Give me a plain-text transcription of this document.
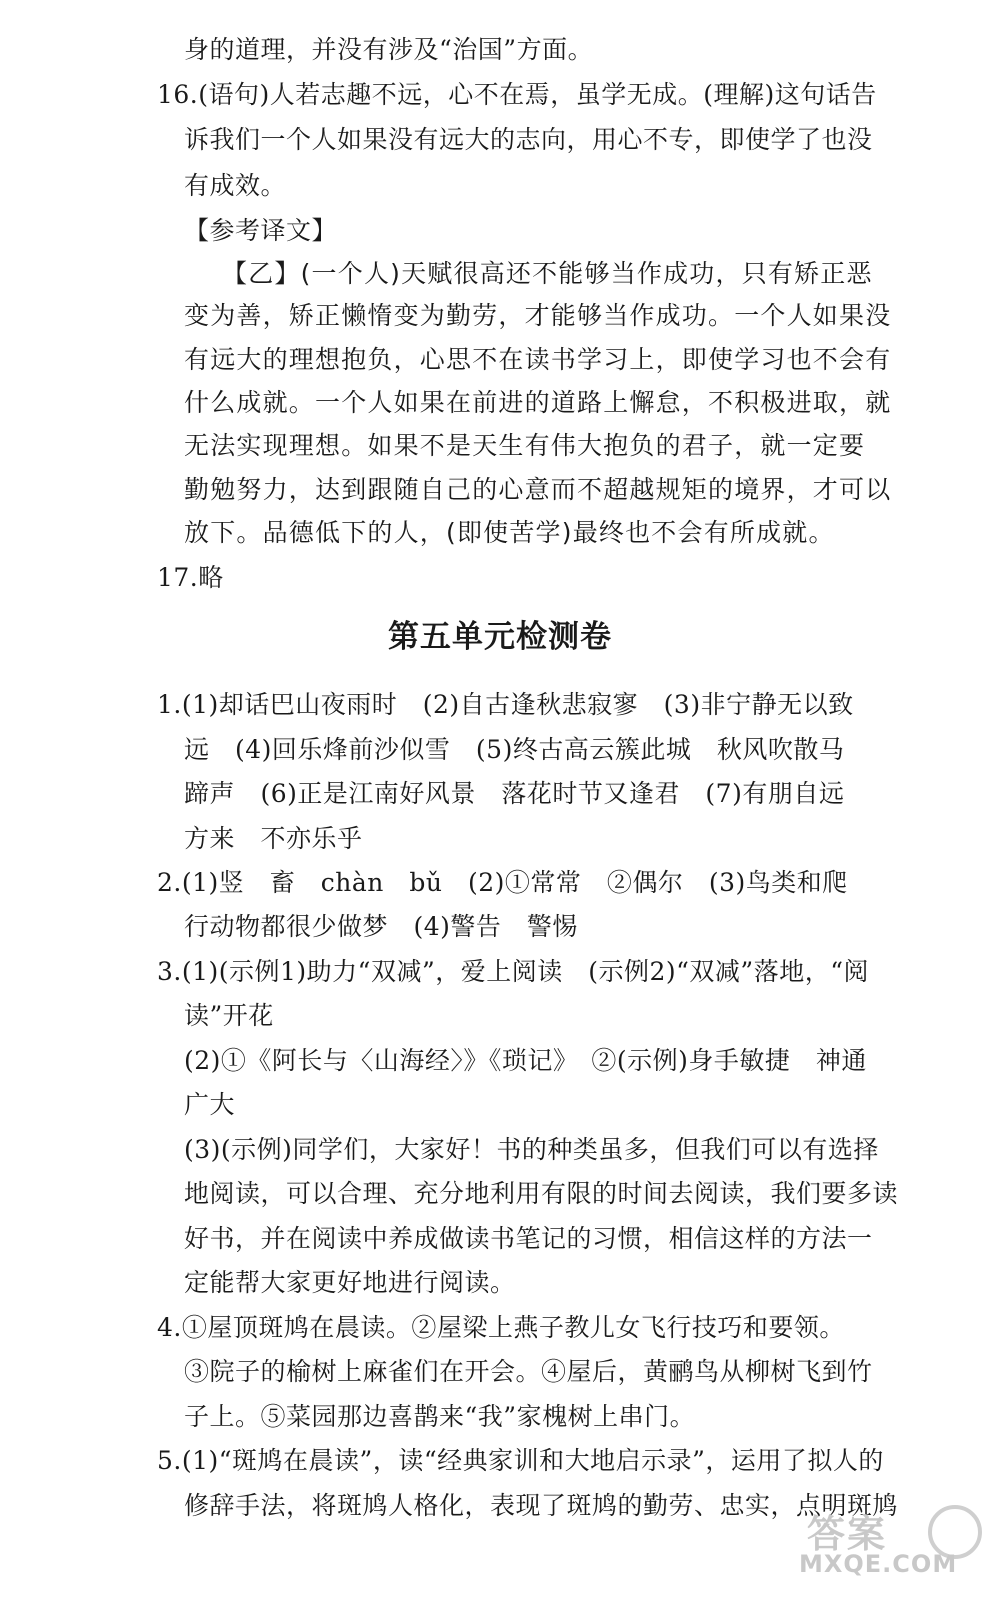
身的道理，并没有涉及“治国”方面。
16.(语句)人若志趣不远，心不在焉，虽学无成。(理解)这句话告
诉我们一个人如果没有远大的志向，用心不专，即使学了也没
有成效。
【参考译文】
【乙】(一个人)天赋很高还不能够当作成功，只有矫正恶
变为善，矫正懒惰变为勤劳，才能够当作成功。一个人如果没
有远大的理想抱负，心思不在读书学习上，即使学习也不会有
什么成就。一个人如果在前进的道路上懈怠，不积极进取，就
无法实现理想。如果不是天生有伟大抱负的君子，就一定要
勤勉努力，达到跟随自己的心意而不超越规矩的境界，才可以
放下。品德低下的人，(即使苦学)最终也不会有所成就。
17.略
第五单元检测卷
1.(1)却话巴山夜雨时　(2)自古逢秋悲寂寥　(3)非宁静无以致
远　(4)回乐烽前沙似雪　(5)终古高云簇此城　秋风吹散马
蹄声　(6)正是江南好风景　落花时节又逢君　(7)有朋自远
方来　不亦乐乎
2.(1)竖　畜　chàn　bǔ　(2)①常常　②偶尔　(3)鸟类和爬
行动物都很少做梦　(4)警告　警惕
3.(1)(示例1)助力“双减”，爱上阅读　(示例2)“双减”落地，“阅
读”开花
(2)①《阿长与〈山海经〉》《琐记》　②(示例)身手敏捷　神通
广大
(3)(示例)同学们，大家好！书的种类虽多，但我们可以有选择
地阅读，可以合理、充分地利用有限的时间去阅读，我们要多读
好书，并在阅读中养成做读书笔记的习惯，相信这样的方法一
定能帮大家更好地进行阅读。
4.①屋顶斑鸠在晨读。②屋梁上燕子教儿女飞行技巧和要领。
③院子的榆树上麻雀们在开会。④屋后，黄鹂鸟从柳树飞到竹
子上。⑤菜园那边喜鹊来“我”家槐树上串门。
5.(1)“斑鸠在晨读”，读“经典家训和大地启示录”，运用了拟人的
修辞手法，将斑鸠人格化，表现了斑鸠的勤劳、忠实，点明斑鸠
答案
MXQE.COM
